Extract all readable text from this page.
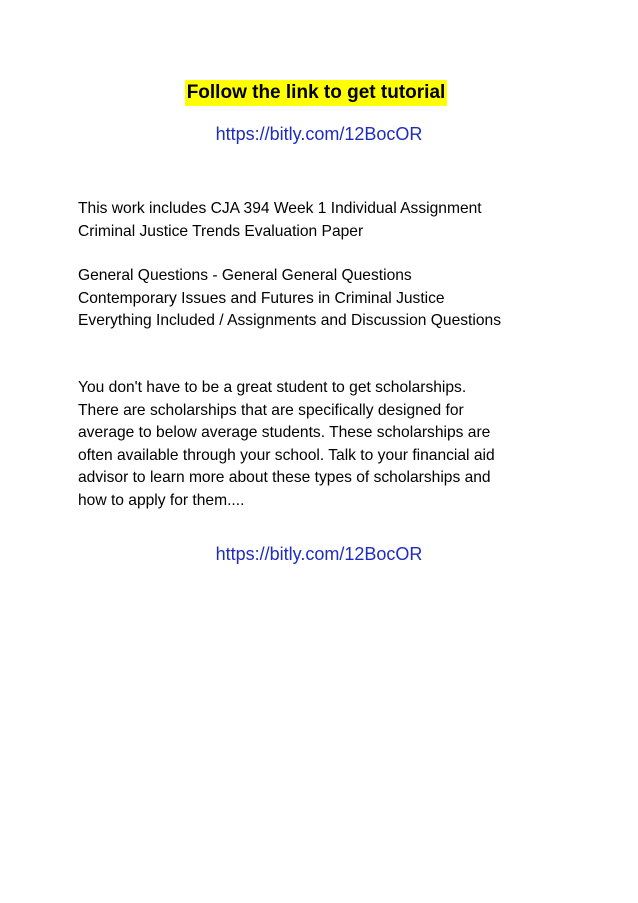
Follow the link to get tutorial
https://bitly.com/12BocOR
This work includes CJA 394 Week 1 Individual Assignment
Criminal Justice Trends Evaluation Paper
General Questions - General General Questions
Contemporary Issues and Futures in Criminal Justice
Everything Included / Assignments and Discussion Questions
You don't have to be a great student to get scholarships.
There are scholarships that are specifically designed for
average to below average students. These scholarships are
often available through your school. Talk to your financial aid
advisor to learn more about these types of scholarships and
how to apply for them....
https://bitly.com/12BocOR
